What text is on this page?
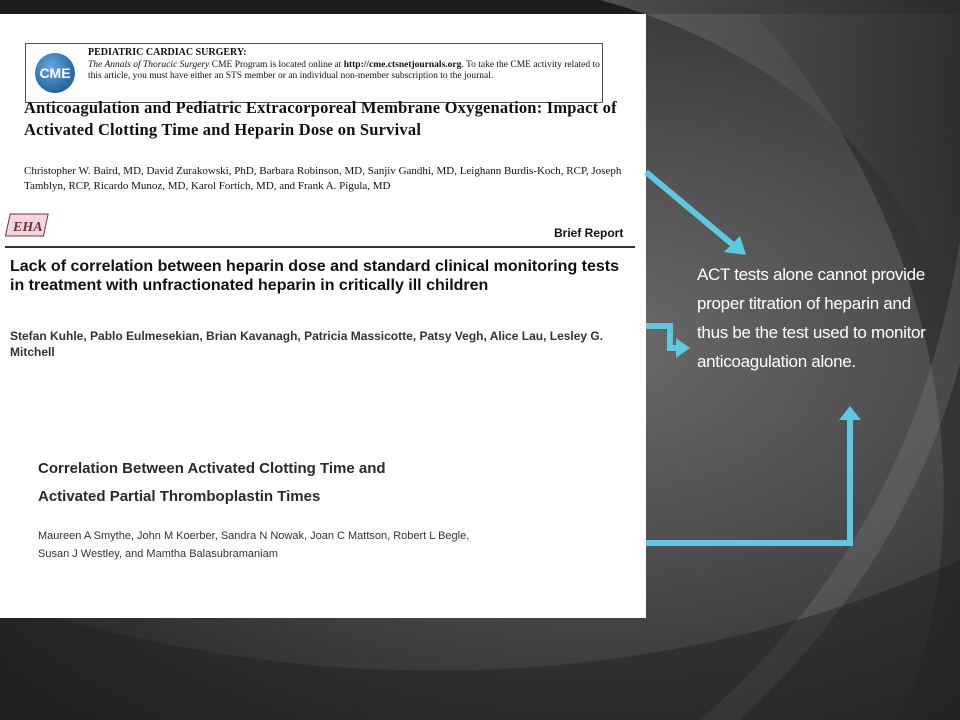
CME
PEDIATRIC CARDIAC SURGERY:
The Annals of Thoracic Surgery CME Program is located online at http://cme.ctsnetjournals.org. To take the CME activity related to this article, you must have either an STS member or an individual non-member subscription to the journal.
Anticoagulation and Pediatric Extracorporeal Membrane Oxygenation: Impact of Activated Clotting Time and Heparin Dose on Survival
Christopher W. Baird, MD, David Zurakowski, PhD, Barbara Robinson, MD, Sanjiv Gandhi, MD, Leighann Burdis-Koch, RCP, Joseph Tamblyn, RCP, Ricardo Munoz, MD, Karol Fortich, MD, and Frank A. Pigula, MD
EHA	Brief Report
Lack of correlation between heparin dose and standard clinical monitoring tests in treatment with unfractionated heparin in critically ill children
Stefan Kuhle, Pablo Eulmesekian, Brian Kavanagh, Patricia Massicotte, Patsy Vegh, Alice Lau, Lesley G. Mitchell
Correlation Between Activated Clotting Time and
Activated Partial Thromboplastin Times
Maureen A Smythe, John M Koerber, Sandra N Nowak, Joan C Mattson, Robert L Begle,
Susan J Westley, and Mamtha Balasubramaniam
ACT tests alone cannot provide proper titration of heparin and thus be the test used to monitor anticoagulation alone.
